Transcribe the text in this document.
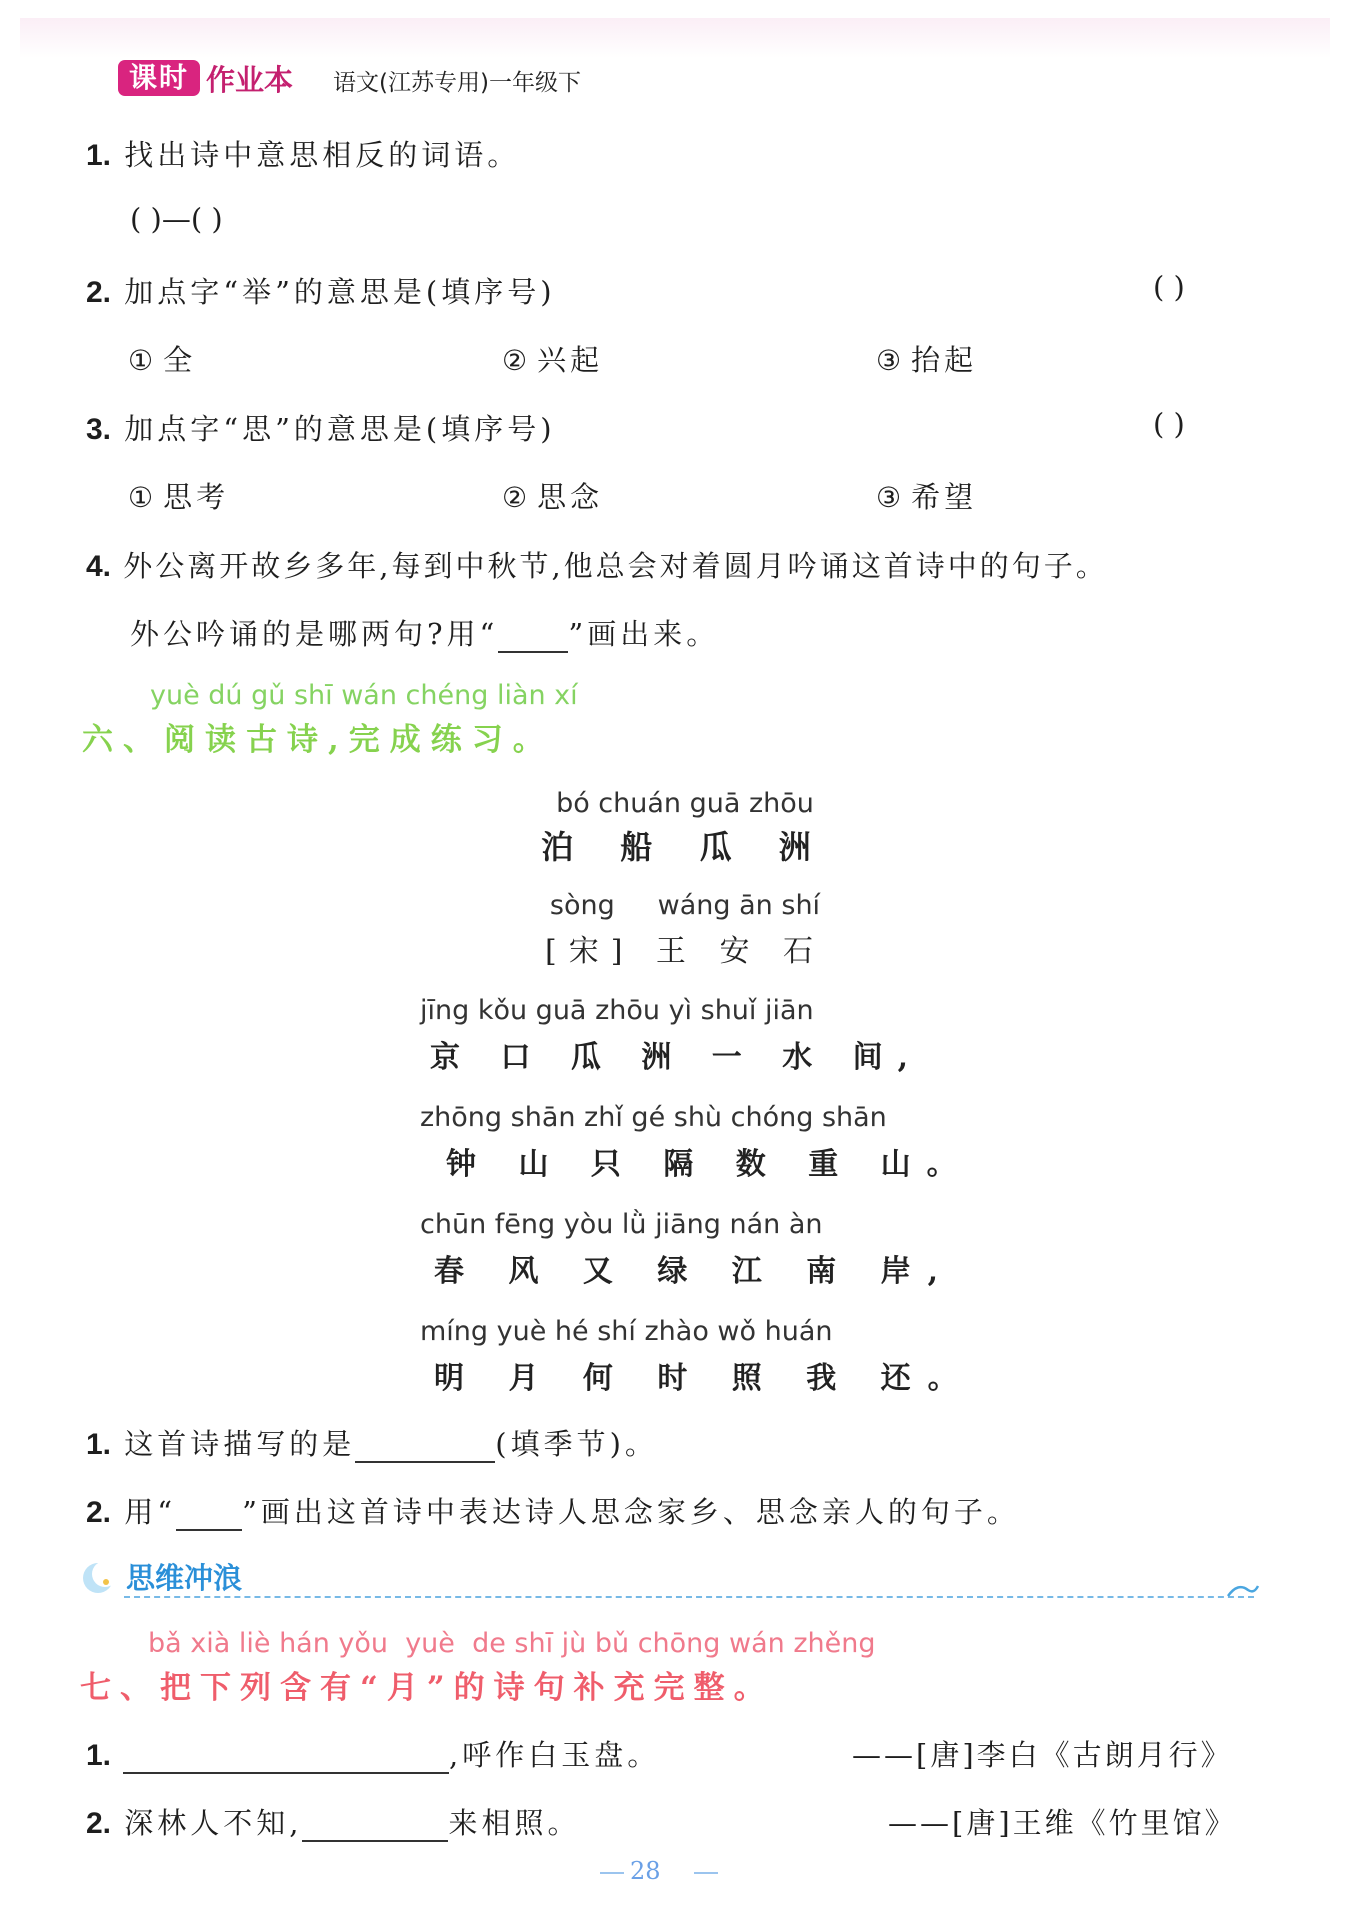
课时 作业本 语文(江苏专用)一年级下
1. 找出诗中意思相反的词语。
( )—( )
2. 加点字“举”的意思是(填序号)	( )
① 全	② 兴起	③ 抬起
3. 加点字“思”的意思是(填序号)	( )
① 思考	② 思念	③ 希望
4. 外公离开故乡多年,每到中秋节,他总会对着圆月吟诵这首诗中的句子。
外公吟诵的是哪两句?用“ ”画出来。
yuè dú gǔ shī wán chéng liàn xí
六、阅读古诗,完成练习。
bó chuán guā zhōu
泊 船 瓜 洲
sòng     wáng ān shí
[宋] 王 安 石
jīng kǒu guā zhōu yì shuǐ jiān
京 口 瓜 洲 一 水 间,
zhōng shān zhǐ gé shù chóng shān
钟 山 只 隔 数 重 山。
chūn fēng yòu lǜ jiāng nán àn
春 风 又 绿 江 南 岸,
míng yuè hé shí zhào wǒ huán
明 月 何 时 照 我 还。
1. 这首诗描写的是	(填季节)。
2. 用“ ”画出这首诗中表达诗人思念家乡、思念亲人的句子。
思维冲浪
bǎ xià liè hán yǒu  yuè  de shī jù bǔ chōng wán zhěng
七、把下列含有“月”的诗句补充完整。
1.	,呼作白玉盘。	——[唐]李白《古朗月行》
2. 深林人不知,	来相照。	——[唐]王维《竹里馆》
28
